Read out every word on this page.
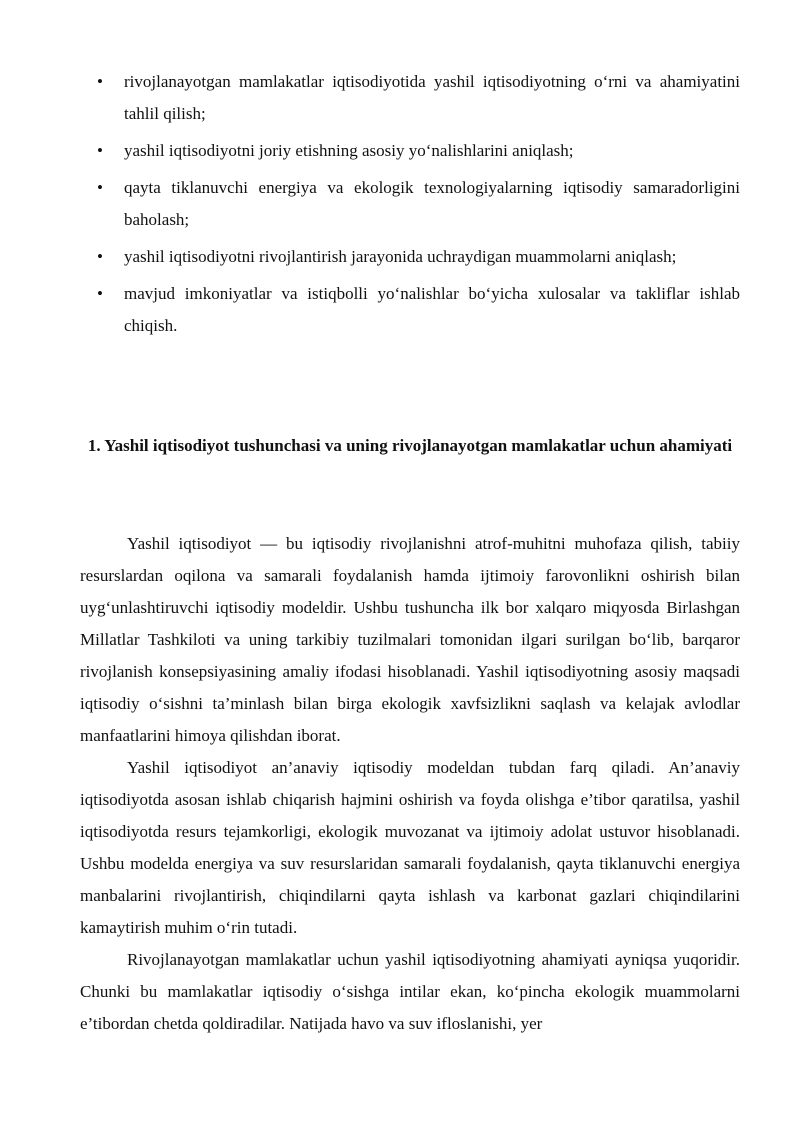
• rivojlanayotgan mamlakatlar iqtisodiyotida yashil iqtisodiyotning o‘rni va ahamiyatini tahlil qilish;
• yashil iqtisodiyotni joriy etishning asosiy yo‘nalishlarini aniqlash;
• qayta tiklanuvchi energiya va ekologik texnologiyalarning iqtisodiy samaradorligini baholash;
• yashil iqtisodiyotni rivojlantirish jarayonida uchraydigan muammolarni aniqlash;
• mavjud imkoniyatlar va istiqbolli yo‘nalishlar bo‘yicha xulosalar va takliflar ishlab chiqish.
1. Yashil iqtisodiyot tushunchasi va uning rivojlanayotgan mamlakatlar uchun ahamiyati

Yashil iqtisodiyot — bu iqtisodiy rivojlanishni atrof-muhitni muhofaza qilish, tabiiy resurslardan oqilona va samarali foydalanish hamda ijtimoiy farovonlikni oshirish bilan uyg‘unlashtiruvchi iqtisodiy modeldir. Ushbu tushuncha ilk bor xalqaro miqyosda Birlashgan Millatlar Tashkiloti va uning tarkibiy tuzilmalari tomonidan ilgari surilgan bo‘lib, barqaror rivojlanish konsepsiyasining amaliy ifodasi hisoblanadi. Yashil iqtisodiyotning asosiy maqsadi iqtisodiy o‘sishni ta’minlash bilan birga ekologik xavfsizlikni saqlash va kelajak avlodlar manfaatlarini himoya qilishdan iborat.

Yashil iqtisodiyot an’anaviy iqtisodiy modeldan tubdan farq qiladi. An’anaviy iqtisodiyotda asosan ishlab chiqarish hajmini oshirish va foyda olishga e’tibor qaratilsa, yashil iqtisodiyotda resurs tejamkorligi, ekologik muvozanat va ijtimoiy adolat ustuvor hisoblanadi. Ushbu modelda energiya va suv resurslaridan samarali foydalanish, qayta tiklanuvchi energiya manbalarini rivojlantirish, chiqindilarni qayta ishlash va karbonat gazlari chiqindilarini kamaytirish muhim o‘rin tutadi.

Rivojlanayotgan mamlakatlar uchun yashil iqtisodiyotning ahamiyati ayniqsa yuqoridir. Chunki bu mamlakatlar iqtisodiy o‘sishga intilar ekan, ko‘pincha ekologik muammolarni e’tibordan chetda qoldiradilar. Natijada havo va suv ifloslanishi, yer
